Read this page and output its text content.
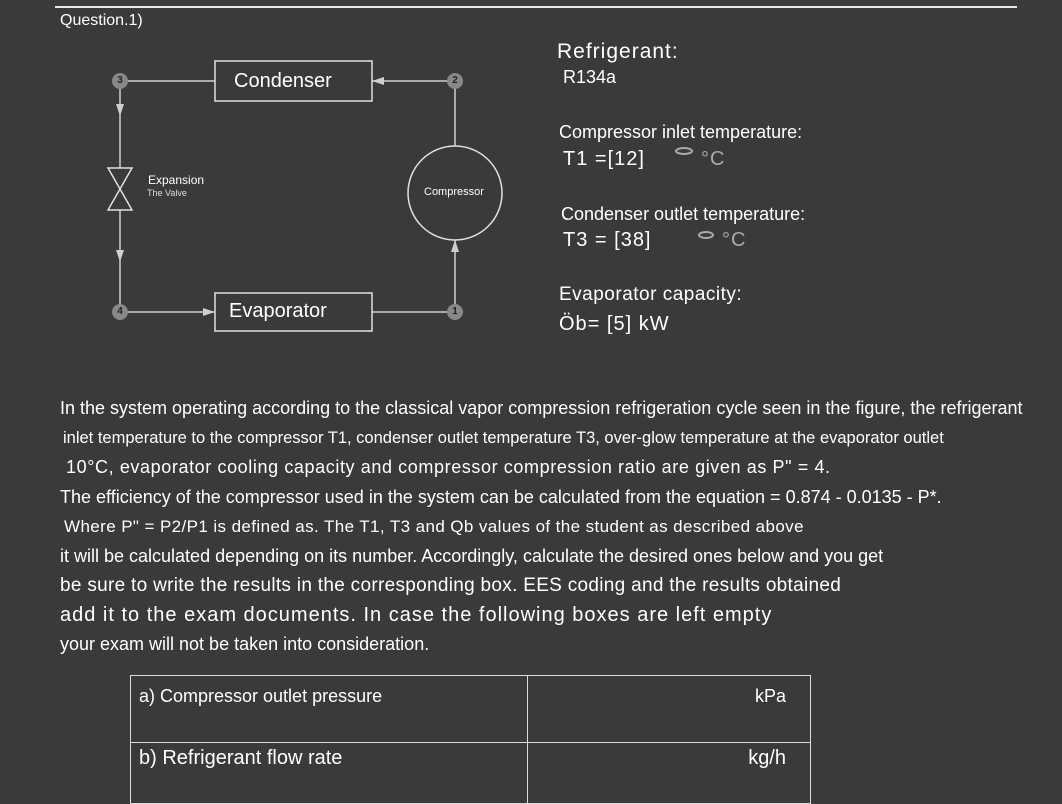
Question.1)
3	2
1
4
Condenser
Evaporator
Compressor
Expansion
The Valve
Refrigerant:
R134a
Compressor inlet temperature:
T1 =[12]	°C
Condenser outlet temperature:
T3 = [38]	°C
Evaporator capacity:
Öb= [5] kW
In the system operating according to the classical vapor compression refrigeration cycle seen in the figure, the refrigerant
inlet temperature to the compressor T1, condenser outlet temperature T3, over-glow temperature at the evaporator outlet
10°C, evaporator cooling capacity and compressor compression ratio are given as P" = 4.
The efficiency of the compressor used in the system can be calculated from the equation = 0.874 - 0.0135 - P*.
Where P" = P2/P1 is defined as. The T1, T3 and Qb values of the student as described above
it will be calculated depending on its number. Accordingly, calculate the desired ones below and you get
be sure to write the results in the corresponding box. EES coding and the results obtained
add it to the exam documents. In case the following boxes are left empty
your exam will not be taken into consideration.
a) Compressor outlet pressure	kPa
b) Refrigerant flow rate	kg/h
